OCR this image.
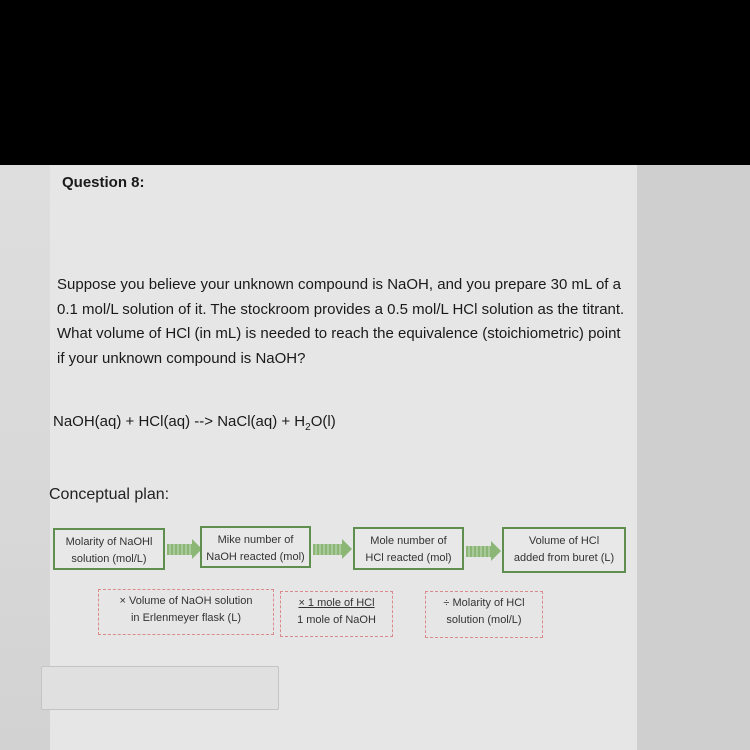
Question 8:
Suppose you believe your unknown compound is NaOH, and you prepare 30 mL of a 0.1 mol/L solution of it. The stockroom provides a 0.5 mol/L HCl solution as the titrant. What volume of HCl (in mL) is needed to reach the equivalence (stoichiometric) point if your unknown compound is NaOH?
NaOH(aq) + HCl(aq) --> NaCl(aq) + $H_2O(l)$
Conceptual plan:
Molarity of NaOHl
solution (mol/L)
Mike number of
NaOH reacted (mol)
Mole number of
HCl reacted (mol)
Volume of HCl
added from buret (L)
× Volume of NaOH solution
in Erlenmeyer flask (L)
× 1 mole of HCl
1 mole of NaOH
÷ Molarity of HCl
solution (mol/L)
